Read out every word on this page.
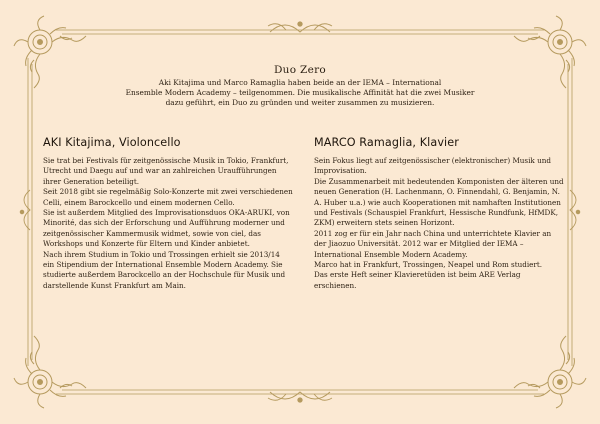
Duo Zero

Aki Kitajima und Marco Ramaglia haben beide an der IEMA – International
Ensemble Modern Academy – teilgenommen. Die musikalische Affinität hat die zwei Musiker
dazu geführt, ein Duo zu gründen und weiter zusammen zu musizieren.

AKI Kitajima, Violoncello

Sie trat bei Festivals für zeitgenössische Musik in Tokio, Frankfurt, Utrecht und Daegu auf und war an zahlreichen Uraufführungen ihrer Generation beteiligt.

Seit 2018 gibt sie regelmäßig Solo-Konzerte mit zwei verschiedenen Celli, einem Barockcello und einem modernen Cello.

Sie ist außerdem Mitglied des Improvisationsduos OKA-ARUKI, von Minorité, das sich der Erforschung und Aufführung moderner und zeitgenössischer Kammermusik widmet, sowie von ciel, das Workshops und Konzerte für Eltern und Kinder anbietet.

Nach ihrem Studium in Tokio und Trossingen erhielt sie 2013/14 ein Stipendium der International Ensemble Modern Academy. Sie studierte außerdem Barockcello an der Hochschule für Musik und darstellende Kunst Frankfurt am Main.

MARCO Ramaglia, Klavier

Sein Fokus liegt auf zeitgenössischer (elektronischer) Musik und Improvisation.

Die Zusammenarbeit mit bedeutenden Komponisten der älteren und neuen Generation (H. Lachenmann, O. Finnendahl, G. Benjamin, N. A. Huber u.a.) wie auch Kooperationen mit namhaften Institutionen und Festivals (Schauspiel Frankfurt, Hessische Rundfunk, HfMDK, ZKM) erweitern stets seinen Horizont.

2011 zog er für ein Jahr nach China und unterrichtete Klavier an der Jiaozuo Universität. 2012 war er Mitglied der IEMA – International Ensemble Modern Academy.

Marco hat in Frankfurt, Trossingen, Neapel und Rom studiert.

Das erste Heft seiner Klavieretüden ist beim ARE Verlag erschienen.
